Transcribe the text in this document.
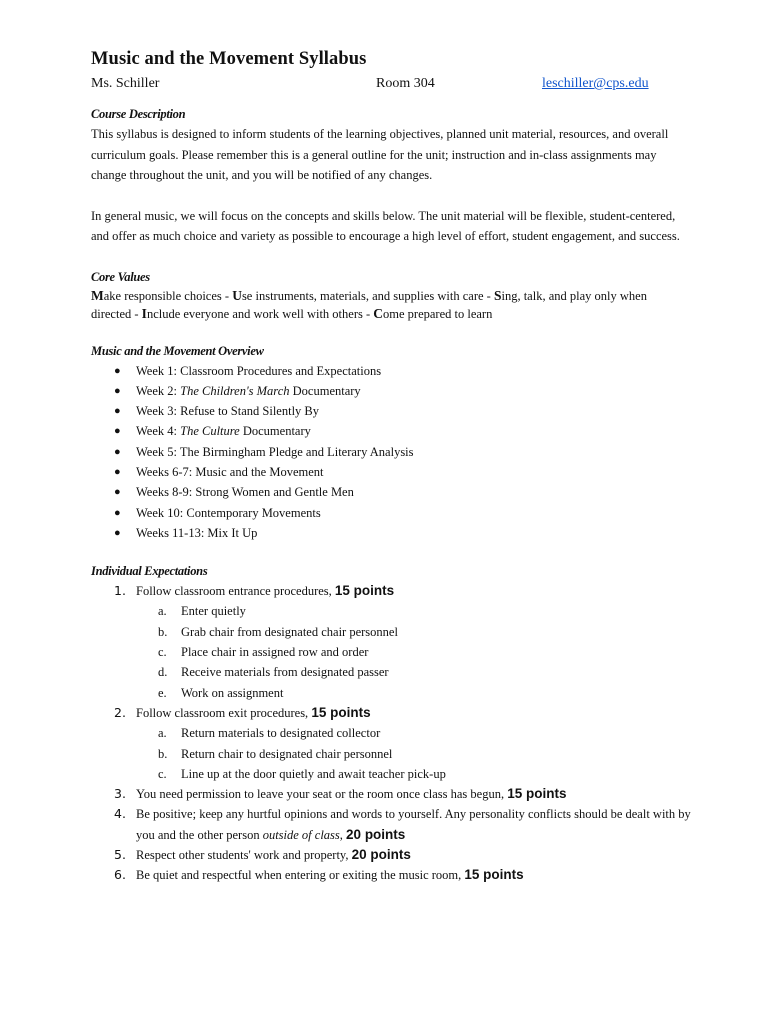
Music and the Movement Syllabus
Ms. Schiller	Room 304	leschiller@cps.edu
Course Description

This syllabus is designed to inform students of the learning objectives, planned unit material, resources, and overall curriculum goals. Please remember this is a general outline for the unit; instruction and in-class assignments may change throughout the unit, and you will be notified of any changes.

In general music, we will focus on the concepts and skills below. The unit material will be flexible, student-centered, and offer as much choice and variety as possible to encourage a high level of effort, student engagement, and success.

Core Values

Make responsible choices - Use instruments, materials, and supplies with care - Sing, talk, and play only when directed - Include everyone and work well with others - Come prepared to learn

Music and the Movement Overview
● Week 1: Classroom Procedures and Expectations
● Week 2: The Children's March Documentary
● Week 3: Refuse to Stand Silently By
● Week 4: The Culture Documentary
● Week 5: The Birmingham Pledge and Literary Analysis
● Weeks 6-7: Music and the Movement
● Weeks 8-9: Strong Women and Gentle Men
● Week 10: Contemporary Movements
● Weeks 11-13: Mix It Up
Individual Expectations
1. Follow classroom entrance procedures, 15 points
a. Enter quietly
b. Grab chair from designated chair personnel
c. Place chair in assigned row and order
d. Receive materials from designated passer
e. Work on assignment
2. Follow classroom exit procedures, 15 points
a. Return materials to designated collector
b. Return chair to designated chair personnel
c. Line up at the door quietly and await teacher pick-up
3. You need permission to leave your seat or the room once class has begun, 15 points
4. Be positive; keep any hurtful opinions and words to yourself. Any personality conflicts should be dealt with by you and the other person outside of class, 20 points
5. Respect other students' work and property, 20 points
6. Be quiet and respectful when entering or exiting the music room, 15 points
